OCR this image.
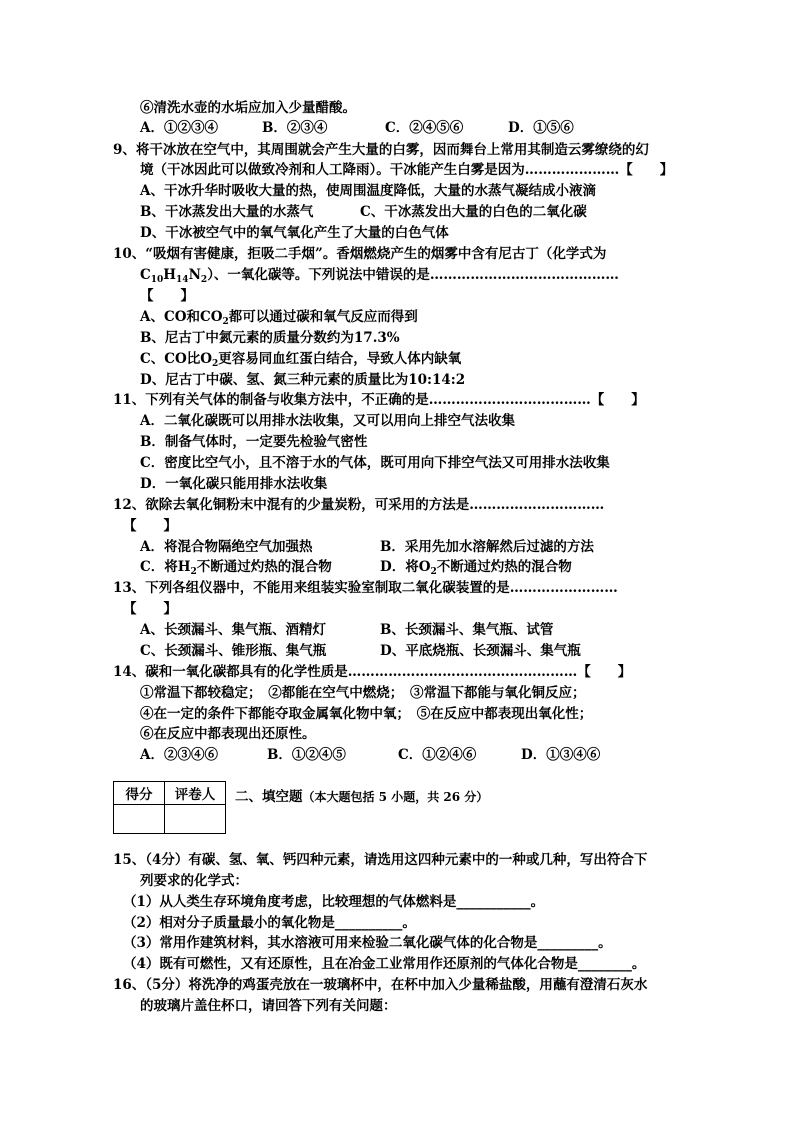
⑥清洗水壶的水垢应加入少量醋酸。
A．①②③④	B．②③④	C．②④⑤⑥	D．①⑤⑥
9、将干冰放在空气中，其周围就会产生大量的白雾，因而舞台上常用其制造云雾缭绕的幻
境（干冰因此可以做致冷剂和人工降雨）。干冰能产生白雾是因为…………………【　　】
A、干冰升华时吸收大量的热，使周围温度降低，大量的水蒸气凝结成小液滴
B、干冰蒸发出大量的水蒸气	C、干冰蒸发出大量的白色的二氧化碳
D、干冰被空气中的氧气氧化产生了大量的白色气体
10、“吸烟有害健康，拒吸二手烟”。香烟燃烧产生的烟雾中含有尼古丁（化学式为
$C_{10}H_{14}N_2$）、一氧化碳等。下列说法中错误的是……………………………………
【　　】
A、CO和$CO_2$都可以通过碳和氧气反应而得到
B、尼古丁中氮元素的质量分数约为17.3%
C、CO比$O_2$更容易同血红蛋白结合，导致人体内缺氧
D、尼古丁中碳、氢、氮三种元素的质量比为10:14:2
11、下列有关气体的制备与收集方法中，不正确的是………………………………【　　】
A．二氧化碳既可以用排水法收集，又可以用向上排空气法收集
B．制备气体时，一定要先检验气密性
C．密度比空气小，且不溶于水的气体，既可用向下排空气法又可用排水法收集
D．一氧化碳只能用排水法收集
12、欲除去氧化铜粉末中混有的少量炭粉，可采用的方法是…………………………
【　　】
A．将混合物隔绝空气加强热	B．采用先加水溶解然后过滤的方法
C．将$H_2$不断通过灼热的混合物	D．将$O_2$不断通过灼热的混合物
13、下列各组仪器中，不能用来组装实验室制取二氧化碳装置的是……………………
【　　】
A、长颈漏斗、集气瓶、酒精灯	B、长颈漏斗、集气瓶、试管
C、长颈漏斗、锥形瓶、集气瓶	D、平底烧瓶、长颈漏斗、集气瓶
14、碳和一氧化碳都具有的化学性质是……………………………………………【　　】
①常温下都较稳定；　②都能在空气中燃烧；　③常温下都能与氧化铜反应；
④在一定的条件下都能夺取金属氧化物中氧；　⑤在反应中都表现出氧化性；
⑥在反应中都表现出还原性。
A．②③④⑥	B．①②④⑤	C．①②④⑥	D．①③④⑥
得分	评卷人
	二、填空题（本大题包括 5 小题，共 26 分）
15、（4分）有碳、氢、氧、钙四种元素，请选用这四种元素中的一种或几种，写出符合下
列要求的化学式：
（1）从人类生存环境角度考虑，比较理想的气体燃料是___________。
（2）相对分子质量最小的氧化物是__________。
（3）常用作建筑材料，其水溶液可用来检验二氧化碳气体的化合物是_________。
（4）既有可燃性，又有还原性，且在冶金工业常用作还原剂的气体化合物是________。
16、（5分）将洗净的鸡蛋壳放在一玻璃杯中，在杯中加入少量稀盐酸，用蘸有澄清石灰水
的玻璃片盖住杯口，请回答下列有关问题：
